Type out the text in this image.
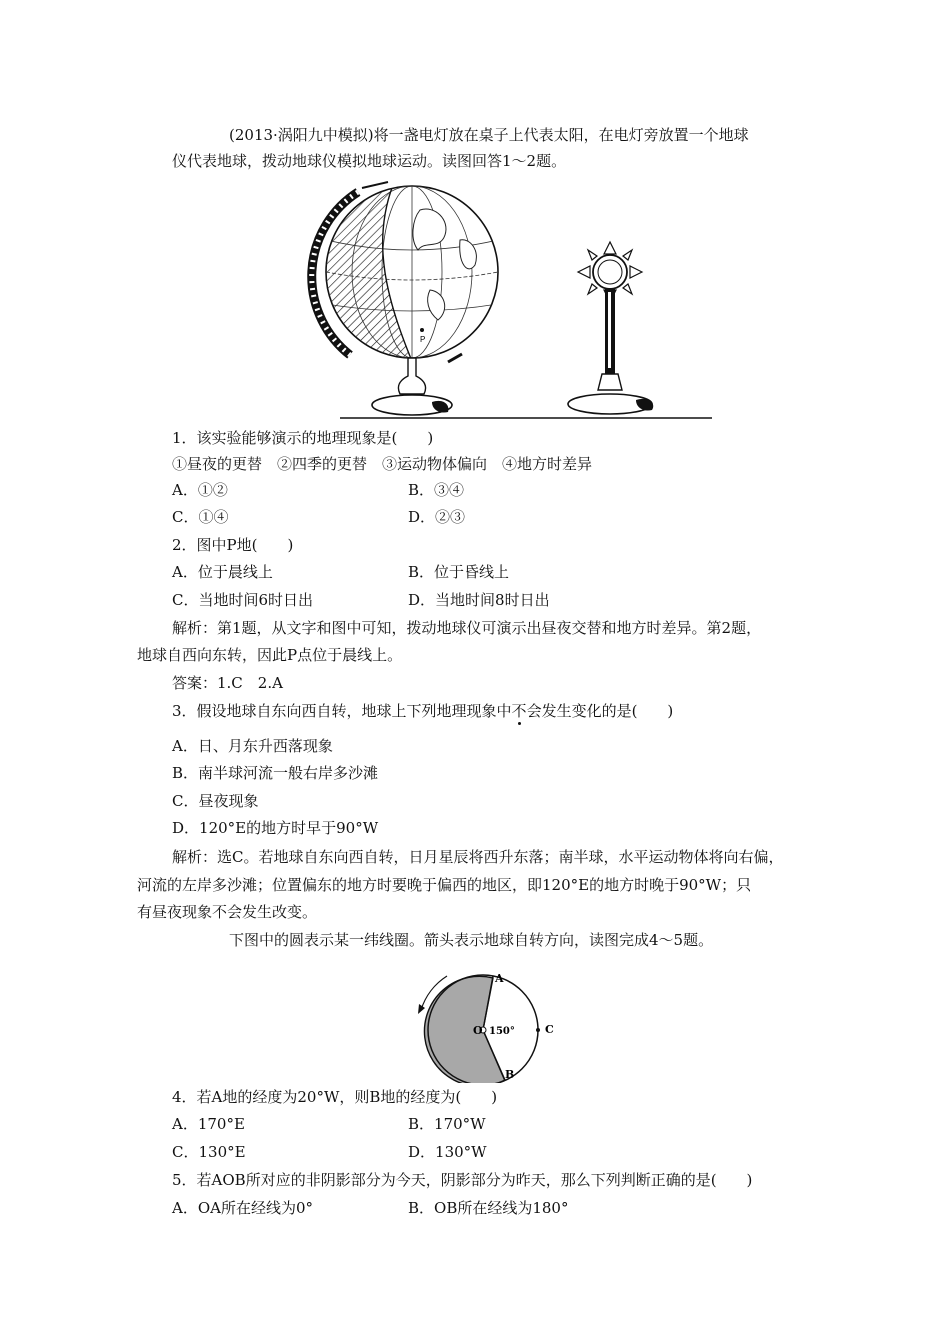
(2013·涡阳九中模拟)将一盏电灯放在桌子上代表太阳，在电灯旁放置一个地球
仪代表地球，拨动地球仪模拟地球运动。读图回答1～2题。
P
1．该实验能够演示的地理现象是(　　)
①昼夜的更替　②四季的更替　③运动物体偏向　④地方时差异
A．①②	B．③④
C．①④	D．②③
2．图中P地(　　)
A．位于晨线上	B．位于昏线上
C．当地时间6时日出	D．当地时间8时日出
解析：第1题，从文字和图中可知，拨动地球仪可演示出昼夜交替和地方时差异。第2题，
地球自西向东转，因此P点位于晨线上。
答案：1.C　2.A
3．假设地球自东向西自转，地球上下列地理现象中不会发生变化的是(　　)
A．日、月东升西落现象
B．南半球河流一般右岸多沙滩
C．昼夜现象
D．120°E的地方时早于90°W
解析：选C。若地球自东向西自转，日月星辰将西升东落；南半球，水平运动物体将向右偏，
河流的左岸多沙滩；位置偏东的地方时要晚于偏西的地区，即120°E的地方时晚于90°W；只
有昼夜现象不会发生改变。
下图中的圆表示某一纬线圈。箭头表示地球自转方向，读图完成4～5题。
A
B
C
O 150°
4．若A地的经度为20°W，则B地的经度为(　　)
A．170°E	B．170°W
C．130°E	D．130°W
5．若AOB所对应的非阴影部分为今天，阴影部分为昨天，那么下列判断正确的是(　　)
A．OA所在经线为0°	B．OB所在经线为180°
